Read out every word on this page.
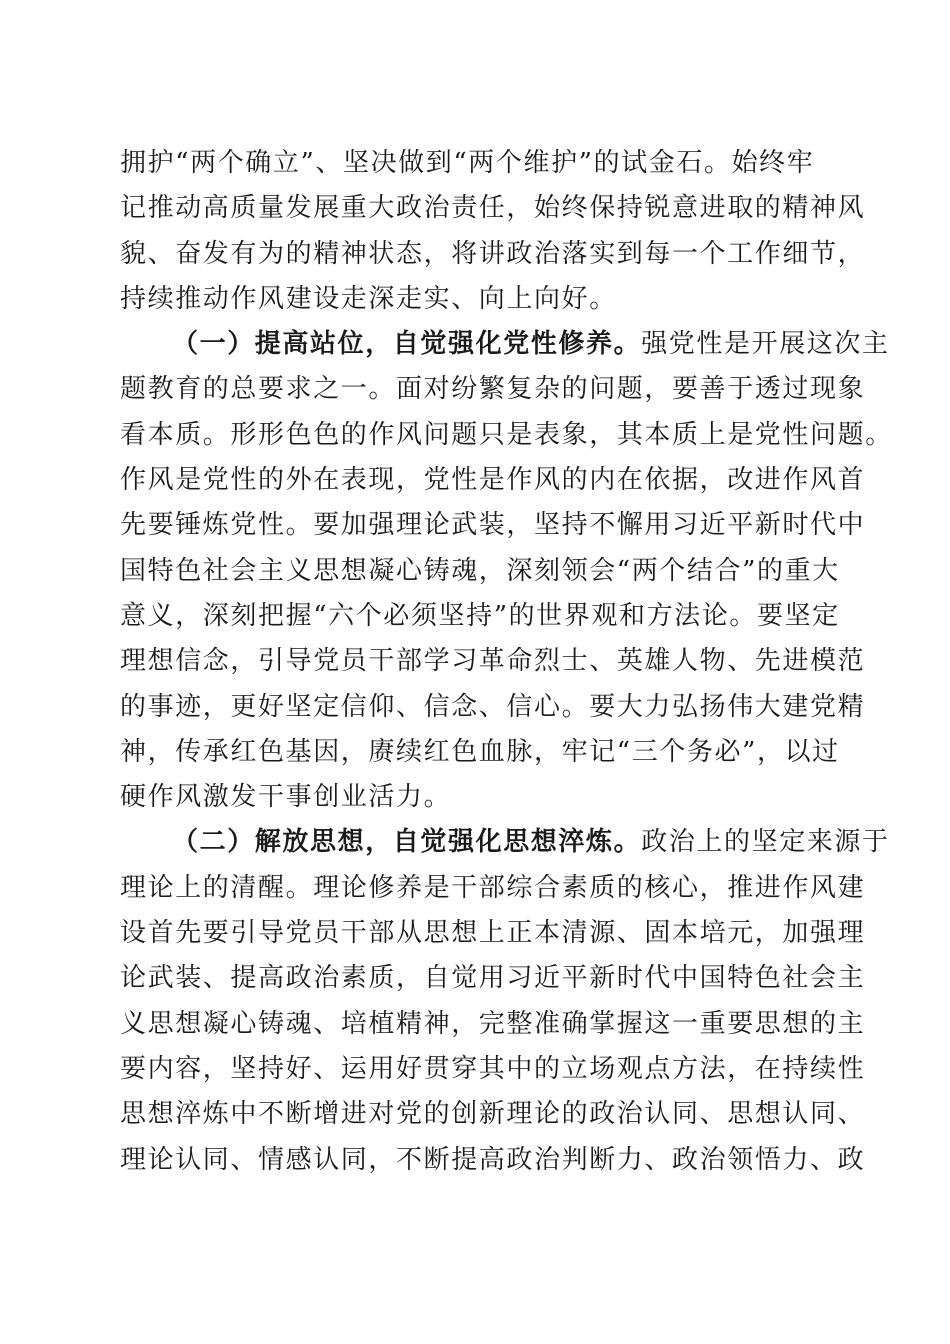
拥护“两个确立”、坚决做到“两个维护”的试金石。始终牢
记推动高质量发展重大政治责任，始终保持锐意进取的精神风
貌、奋发有为的精神状态，将讲政治落实到每一个工作细节，
持续推动作风建设走深走实、向上向好。
（一）提高站位，自觉强化党性修养。强党性是开展这次主
题教育的总要求之一。面对纷繁复杂的问题，要善于透过现象
看本质。形形色色的作风问题只是表象，其本质上是党性问题。
作风是党性的外在表现，党性是作风的内在依据，改进作风首
先要锤炼党性。要加强理论武装，坚持不懈用习近平新时代中
国特色社会主义思想凝心铸魂，深刻领会“两个结合”的重大
意义，深刻把握“六个必须坚持”的世界观和方法论。要坚定
理想信念，引导党员干部学习革命烈士、英雄人物、先进模范
的事迹，更好坚定信仰、信念、信心。要大力弘扬伟大建党精
神，传承红色基因，赓续红色血脉，牢记“三个务必”，以过
硬作风激发干事创业活力。
（二）解放思想，自觉强化思想淬炼。政治上的坚定来源于
理论上的清醒。理论修养是干部综合素质的核心，推进作风建
设首先要引导党员干部从思想上正本清源、固本培元，加强理
论武装、提高政治素质，自觉用习近平新时代中国特色社会主
义思想凝心铸魂、培植精神，完整准确掌握这一重要思想的主
要内容，坚持好、运用好贯穿其中的立场观点方法，在持续性
思想淬炼中不断增进对党的创新理论的政治认同、思想认同、
理论认同、情感认同，不断提高政治判断力、政治领悟力、政
